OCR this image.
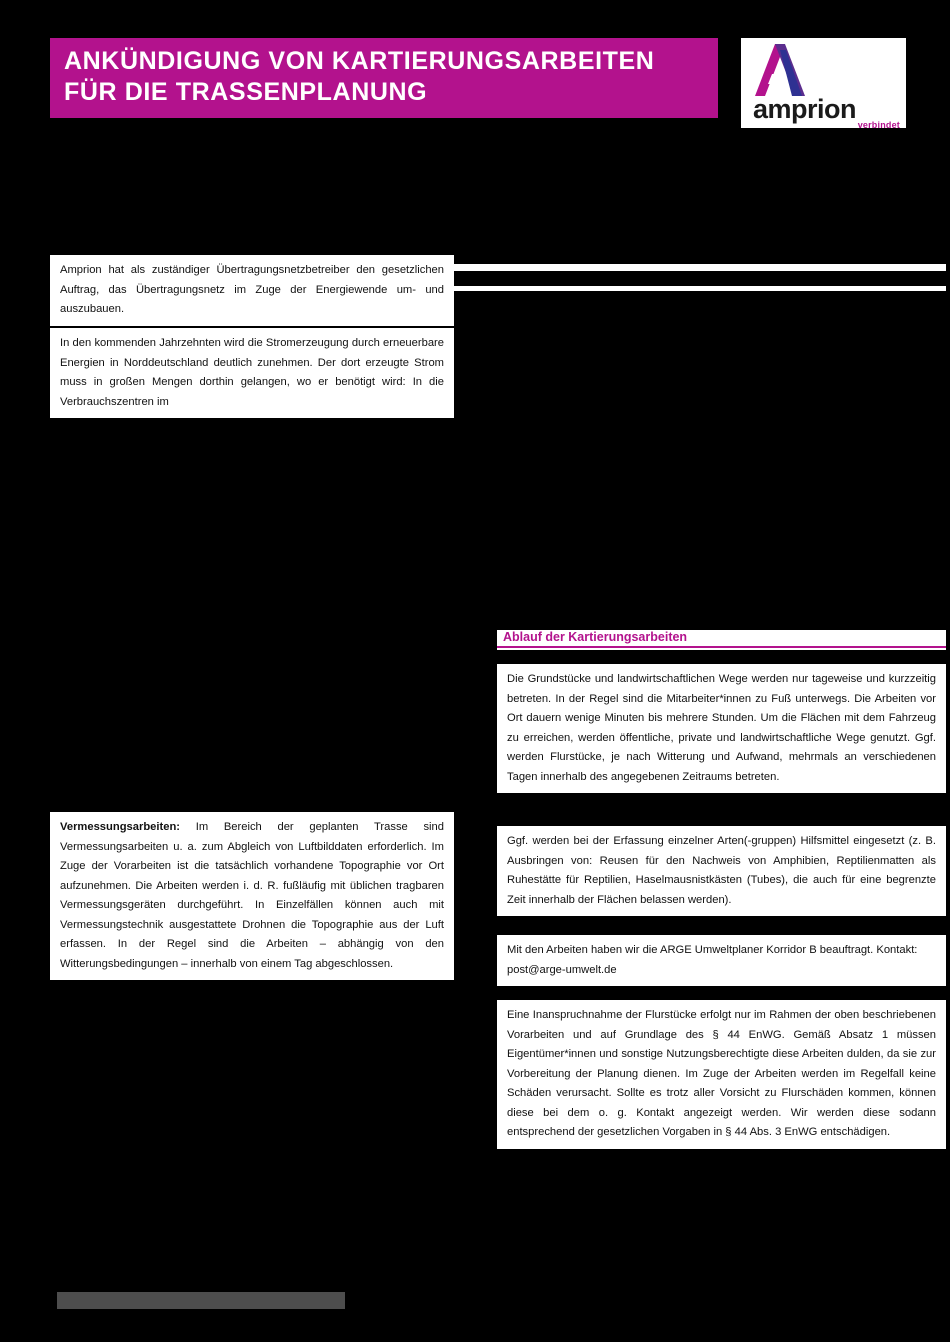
ANKÜNDIGUNG VON KARTIERUNGSARBEITEN
FÜR DIE TRASSENPLANUNG
amprion
verbindet
Amprion hat als zuständiger Übertragungsnetzbetreiber den gesetzlichen Auftrag, das Übertragungsnetz im Zuge der Energiewende um- und auszubauen.
In den kommenden Jahrzehnten wird die Stromerzeugung durch erneuerbare Energien in Norddeutschland deutlich zunehmen. Der dort erzeugte Strom muss in großen Mengen dorthin gelangen, wo er benötigt wird: In die Verbrauchszentren im
Vermessungsarbeiten: Im Bereich der geplanten Trasse sind Vermessungsarbeiten u. a. zum Abgleich von Luftbilddaten erforderlich. Im Zuge der Vorarbeiten ist die tatsächlich vorhandene Topographie vor Ort aufzunehmen. Die Arbeiten werden i. d. R. fußläufig mit üblichen tragbaren Vermessungsgeräten durchgeführt. In Einzelfällen können auch mit Vermessungstechnik ausgestattete Drohnen die Topographie aus der Luft erfassen. In der Regel sind die Arbeiten – abhängig von den Witterungsbedingungen – innerhalb von einem Tag abgeschlossen.
Ablauf der Kartierungsarbeiten
Die Grundstücke und landwirtschaftlichen Wege werden nur tageweise und kurzzeitig betreten. In der Regel sind die Mitarbeiter*innen zu Fuß unterwegs. Die Arbeiten vor Ort dauern wenige Minuten bis mehrere Stunden. Um die Flächen mit dem Fahrzeug zu erreichen, werden öffentliche, private und landwirtschaftliche Wege genutzt. Ggf. werden Flurstücke, je nach Witterung und Aufwand, mehrmals an verschiedenen Tagen innerhalb des angegebenen Zeitraums betreten.
Ggf. werden bei der Erfassung einzelner Arten(-gruppen) Hilfsmittel eingesetzt (z. B. Ausbringen von: Reusen für den Nachweis von Amphibien, Reptilienmatten als Ruhestätte für Reptilien, Haselmausnistkästen (Tubes), die auch für eine begrenzte Zeit innerhalb der Flächen belassen werden).
Mit den Arbeiten haben wir die ARGE Umweltplaner Korridor B beauftragt. Kontakt: post@arge-umwelt.de
Eine Inanspruchnahme der Flurstücke erfolgt nur im Rahmen der oben beschriebenen Vorarbeiten und auf Grundlage des § 44 EnWG. Gemäß Absatz 1 müssen Eigentümer*innen und sonstige Nutzungsberechtigte diese Arbeiten dulden, da sie zur Vorbereitung der Planung dienen. Im Zuge der Arbeiten werden im Regelfall keine Schäden verursacht. Sollte es trotz aller Vorsicht zu Flurschäden kommen, können diese bei dem o. g. Kontakt angezeigt werden. Wir werden diese sodann entsprechend der gesetzlichen Vorgaben in § 44 Abs. 3 EnWG entschädigen.
